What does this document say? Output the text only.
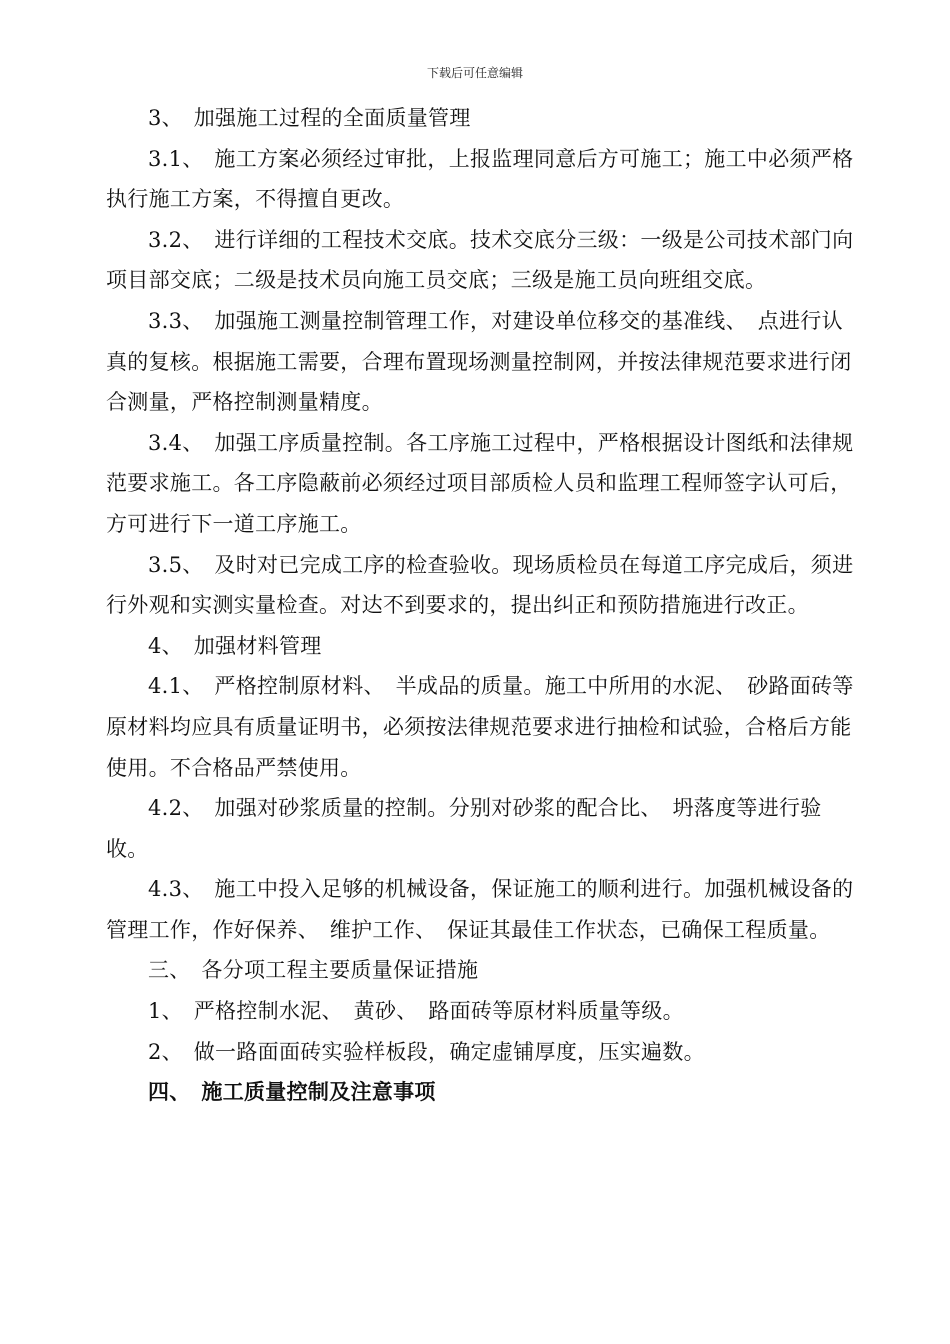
下载后可任意编辑

3、　加强施工过程的全面质量管理

3.1、　施工方案必须经过审批，上报监理同意后方可施工；施工中必须严格执行施工方案，不得擅自更改。

3.2、　进行详细的工程技术交底。技术交底分三级：一级是公司技术部门向项目部交底；二级是技术员向施工员交底；三级是施工员向班组交底。

3.3、　加强施工测量控制管理工作，对建设单位移交的基准线、　点进行认真的复核。根据施工需要，合理布置现场测量控制网，并按法律规范要求进行闭合测量，严格控制测量精度。

3.4、　加强工序质量控制。各工序施工过程中，严格根据设计图纸和法律规范要求施工。各工序隐蔽前必须经过项目部质检人员和监理工程师签字认可后，方可进行下一道工序施工。

3.5、　及时对已完成工序的检查验收。现场质检员在每道工序完成后，须进行外观和实测实量检查。对达不到要求的，提出纠正和预防措施进行改正。

4、　加强材料管理

4.1、　严格控制原材料、　半成品的质量。施工中所用的水泥、　砂路面砖等原材料均应具有质量证明书，必须按法律规范要求进行抽检和试验，合格后方能使用。不合格品严禁使用。

4.2、　加强对砂浆质量的控制。分别对砂浆的配合比、　坍落度等进行验收。

4.3、　施工中投入足够的机械设备，保证施工的顺利进行。加强机械设备的管理工作，作好保养、　维护工作、　保证其最佳工作状态，已确保工程质量。

三、　各分项工程主要质量保证措施

1、　严格控制水泥、　黄砂、　路面砖等原材料质量等级。

2、　做一路面面砖实验样板段，确定虚铺厚度，压实遍数。

四、　施工质量控制及注意事项
